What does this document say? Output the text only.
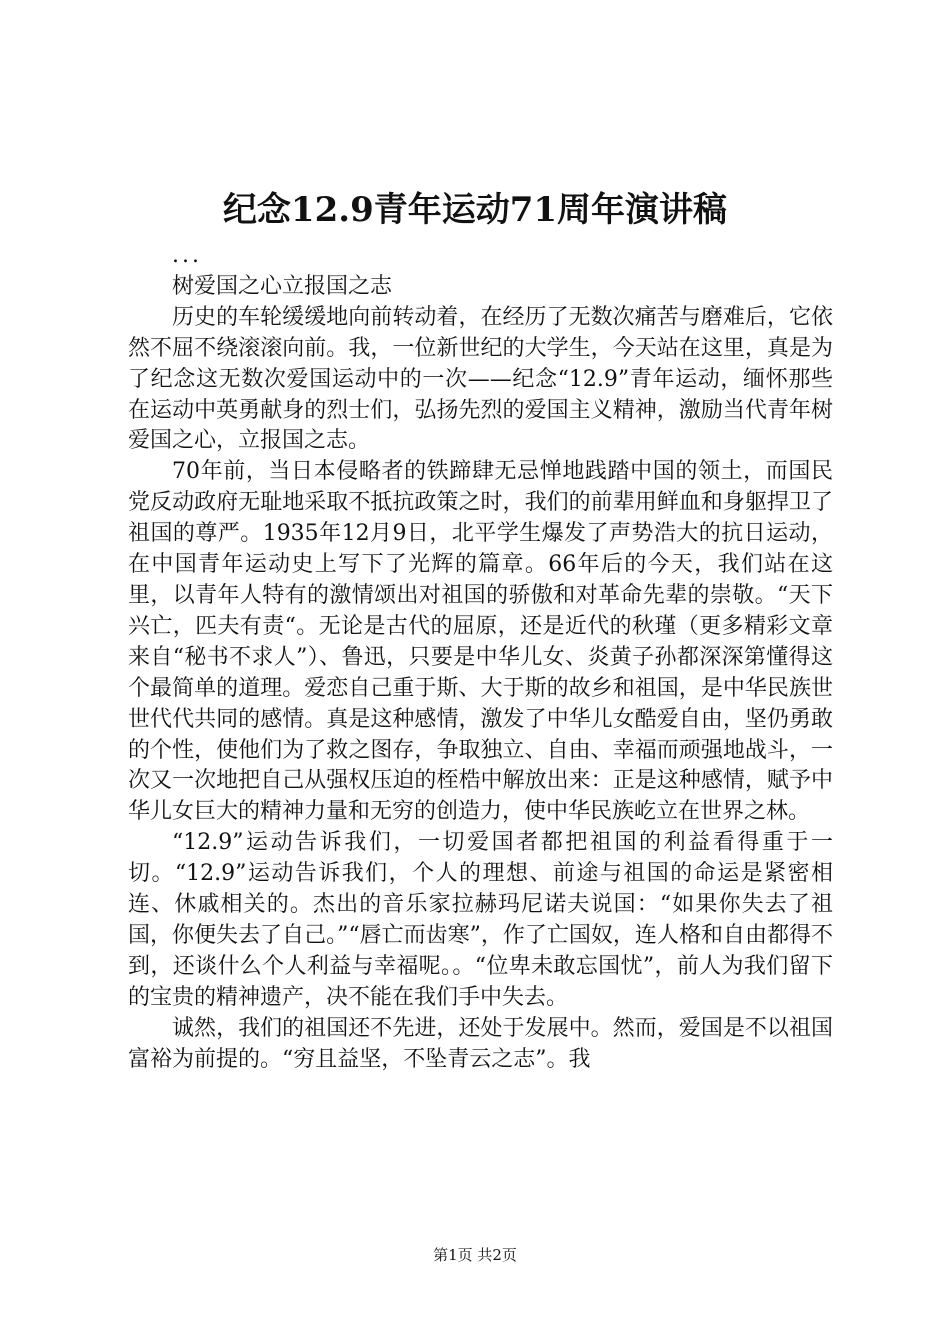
纪念12.9青年运动71周年演讲稿

...

树爱国之心立报国之志

历史的车轮缓缓地向前转动着，在经历了无数次痛苦与磨难后，它依然不屈不绕滚滚向前。我，一位新世纪的大学生，今天站在这里，真是为了纪念这无数次爱国运动中的一次——纪念“12.9”青年运动，缅怀那些在运动中英勇献身的烈士们，弘扬先烈的爱国主义精神，激励当代青年树爱国之心，立报国之志。

70年前，当日本侵略者的铁蹄肆无忌惮地践踏中国的领土，而国民党反动政府无耻地采取不抵抗政策之时，我们的前辈用鲜血和身躯捍卫了祖国的尊严。1935年12月9日，北平学生爆发了声势浩大的抗日运动，在中国青年运动史上写下了光辉的篇章。66年后的今天，我们站在这里，以青年人特有的激情颂出对祖国的骄傲和对革命先辈的崇敬。“天下兴亡，匹夫有责“。无论是古代的屈原，还是近代的秋瑾（更多精彩文章来自“秘书不求人”）、鲁迅，只要是中华儿女、炎黄子孙都深深第懂得这个最简单的道理。爱恋自己重于斯、大于斯的故乡和祖国，是中华民族世世代代共同的感情。真是这种感情，激发了中华儿女酷爱自由，坚仍勇敢的个性，使他们为了救之图存，争取独立、自由、幸福而顽强地战斗，一次又一次地把自己从强权压迫的桎梏中解放出来：正是这种感情，赋予中华儿女巨大的精神力量和无穷的创造力，使中华民族屹立在世界之林。

“12.9”运动告诉我们，一切爱国者都把祖国的利益看得重于一切。“12.9”运动告诉我们，个人的理想、前途与祖国的命运是紧密相连、休戚相关的。杰出的音乐家拉赫玛尼诺夫说国：“如果你失去了祖国，你便失去了自己。”“唇亡而齿寒”，作了亡国奴，连人格和自由都得不到，还谈什么个人利益与幸福呢。。“位卑未敢忘国忧”，前人为我们留下的宝贵的精神遗产，决不能在我们手中失去。

诚然，我们的祖国还不先进，还处于发展中。然而，爱国是不以祖国富裕为前提的。“穷且益坚，不坠青云之志”。我

第1页 共2页
